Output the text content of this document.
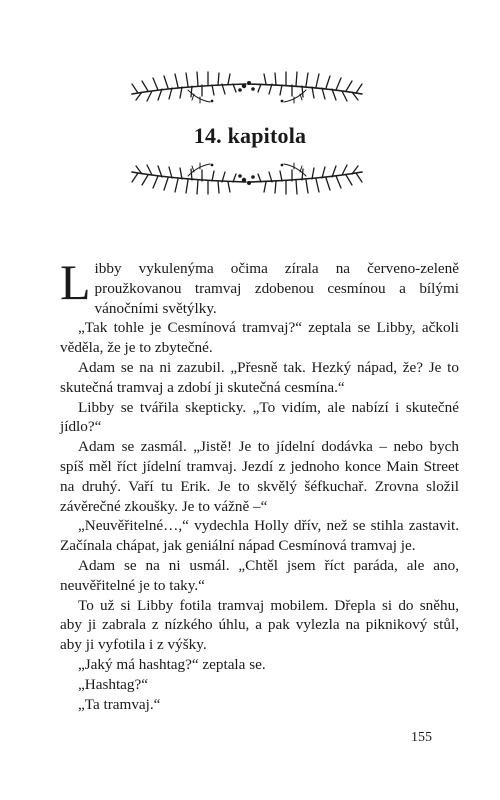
14. kapitola

Libby vykulenýma očima zírala na červeno-zeleně proužkovanou tramvaj zdobenou cesmínou a bílými vánočními světýlky.

„Tak tohle je Cesmínová tramvaj?“ zeptala se Libby, ačkoli věděla, že je to zbytečné.

Adam se na ni zazubil. „Přesně tak. Hezký nápad, že? Je to skutečná tramvaj a zdobí ji skutečná cesmína.“

Libby se tvářila skepticky. „To vidím, ale nabízí i skutečné jídlo?“

Adam se zasmál. „Jistě! Je to jídelní dodávka – nebo bych spíš měl říct jídelní tramvaj. Jezdí z jednoho konce Main Street na druhý. Vaří tu Erik. Je to skvělý šéfkuchař. Zrovna složil závěrečné zkoušky. Je to vážně –“

„Neuvěřitelné…,“ vydechla Holly dřív, než se stihla zastavit. Začínala chápat, jak geniální nápad Cesmínová tramvaj je.

Adam se na ni usmál. „Chtěl jsem říct paráda, ale ano, neuvěřitelné je to taky.“

To už si Libby fotila tramvaj mobilem. Dřepla si do sněhu, aby ji zabrala z nízkého úhlu, a pak vylezla na piknikový stůl, aby ji vyfotila i z výšky.

„Jaký má hashtag?“ zeptala se.

„Hashtag?“

„Ta tramvaj.“

155
